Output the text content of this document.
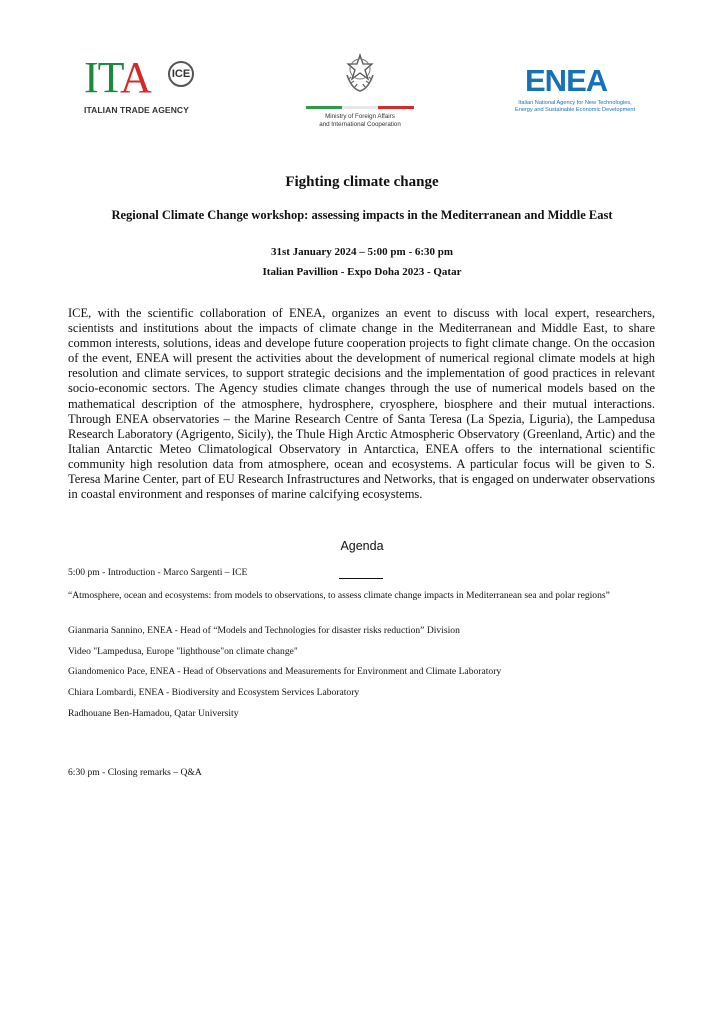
ITA	ICE
ITALIAN TRADE AGENCY
Ministry of Foreign Affairs
and International Cooperation
ENEA
Italian National Agency for New Technologies,
Energy and Sustainable Economic Development
Fighting climate change
Regional Climate Change workshop: assessing impacts in the Mediterranean and Middle East
31st January 2024 – 5:00 pm - 6:30 pm
Italian Pavillion - Expo Doha 2023 - Qatar

ICE, with the scientific collaboration of ENEA, organizes an event to discuss with local expert, researchers, scientists and institutions about the impacts of climate change in the Mediterranean and Middle East, to share common interests, solutions, ideas and develope future cooperation projects to fight climate change. On the occasion of the event, ENEA will present the activities about the development of numerical regional climate models at high resolution and climate services, to support strategic decisions and the implementation of good practices in relevant socio-economic sectors. The Agency studies climate changes through the use of numerical models based on the mathematical description of the atmosphere, hydrosphere, cryosphere, biosphere and their mutual interactions. Through ENEA observatories – the Marine Research Centre of Santa Teresa (La Spezia, Liguria), the Lampedusa Research Laboratory (Agrigento, Sicily), the Thule High Arctic Atmospheric Observatory (Greenland, Artic) and the Italian Antarctic Meteo Climatological Observatory in Antarctica, ENEA offers to the international scientific community high resolution data from atmosphere, ocean and ecosystems. A particular focus will be given to S. Teresa Marine Center, part of EU Research Infrastructures and Networks, that is engaged on underwater observations in coastal environment and responses of marine calcifying ecosystems.

Agenda

5:00 pm - Introduction - Marco Sargenti – ICE

“Atmosphere, ocean and ecosystems: from models to observations, to assess climate change impacts in Mediterranean sea and polar regions”

Gianmaria Sannino, ENEA - Head of “Models and Technologies for disaster risks reduction” Division

Video "Lampedusa, Europe "lighthouse"on climate change"

Giandomenico Pace, ENEA - Head of Observations and Measurements for Environment and Climate Laboratory

Chiara Lombardi, ENEA - Biodiversity and Ecosystem Services Laboratory

Radhouane Ben-Hamadou, Qatar University

6:30 pm - Closing remarks – Q&A
